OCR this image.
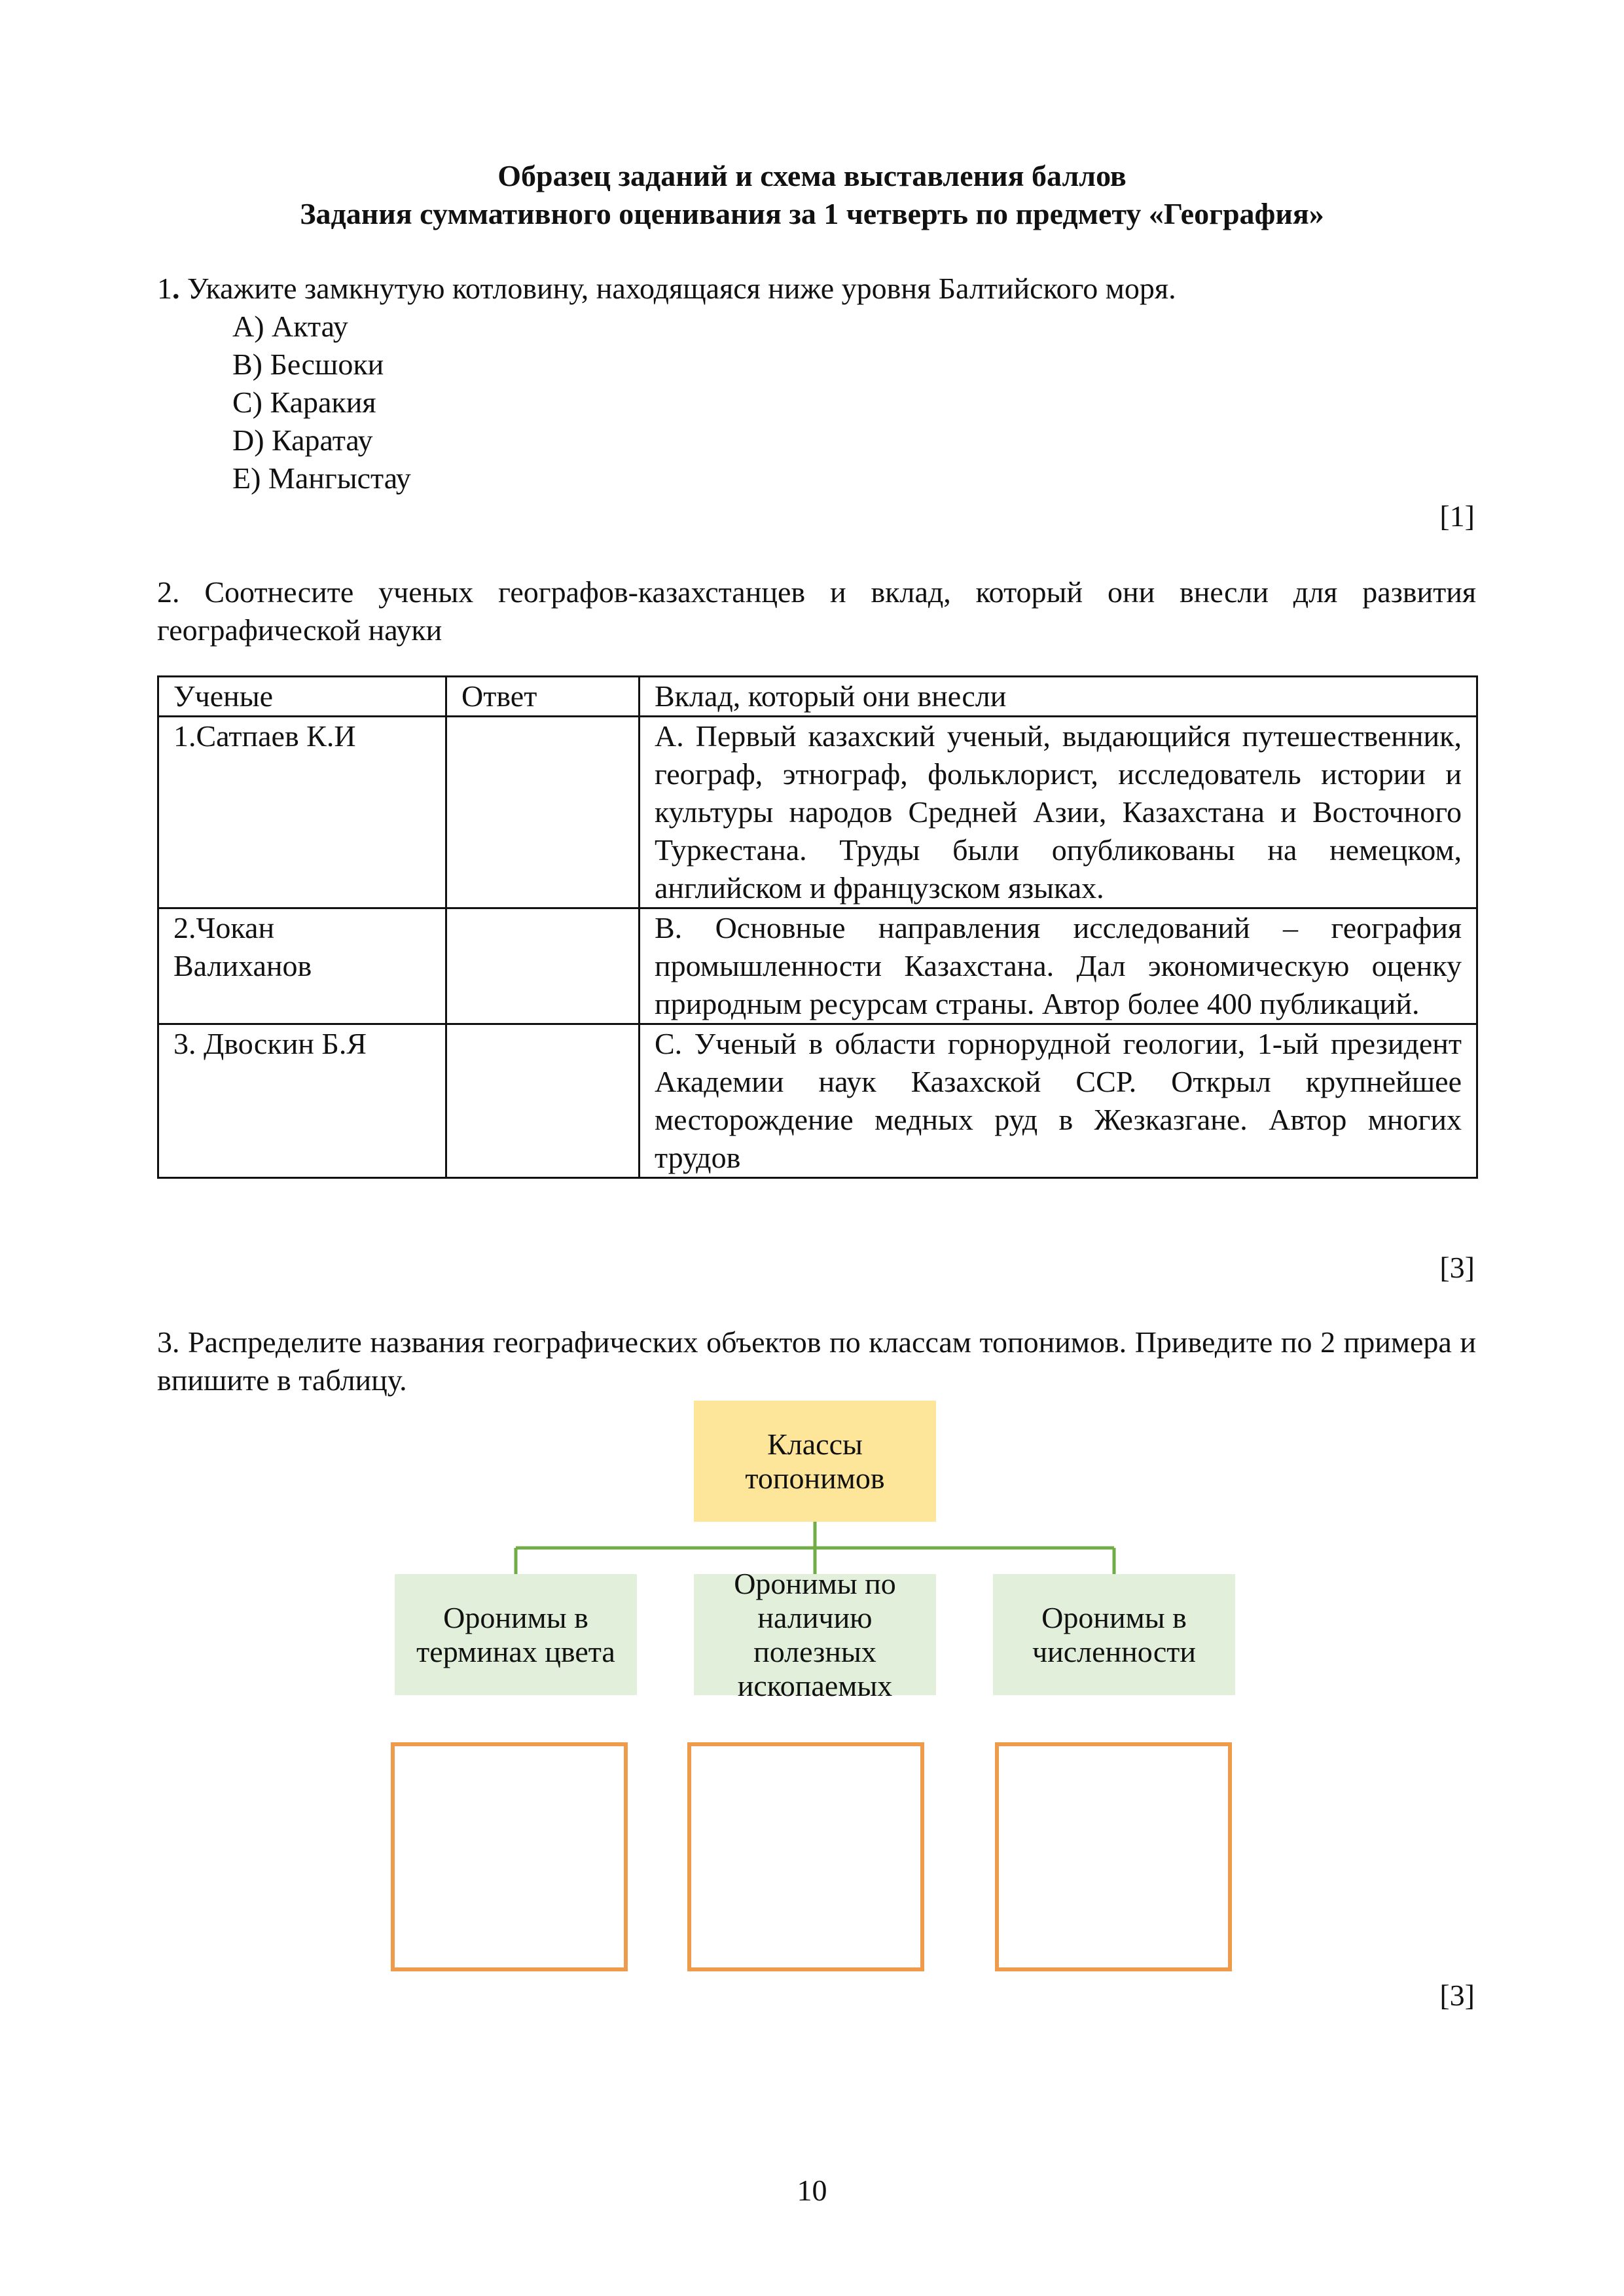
Образец заданий и схема выставления баллов
Задания суммативного оценивания за 1 четверть по предмету «География»
1. Укажите замкнутую котловину, находящаяся ниже уровня Балтийского моря.
A) Актау
B) Бесшоки
C) Каракия
D) Каратау
E) Мангыстау
[1]
2. Соотнесите ученых географов-казахстанцев и вклад, который они внесли для развития географической науки
Ученые	Ответ	Вклад, который они внесли
1.Сатпаев К.И		A. Первый казахский ученый, выдающийся путешественник, географ, этнограф, фольклорист, исследователь истории и культуры народов Средней Азии, Казахстана и Восточного Туркестана. Труды были опубликованы на немецком, английском и французском языках.
2.Чокан Валиханов		B. Основные направления исследований – география промышленности Казахстана. Дал экономическую оценку природным ресурсам страны. Автор более 400 публикаций.
3. Двоскин Б.Я		C. Ученый в области горнорудной геологии, 1-ый президент Академии наук Казахской ССР. Открыл крупнейшее месторождение медных руд в Жезказгане. Автор многих трудов
[3]
3. Распределите названия географических объектов по классам топонимов. Приведите по 2 примера и впишите в таблицу.
Классы топонимов
Оронимы в терминах цвета
Оронимы по наличию полезных ископаемых
Оронимы в численности
[3]
10
